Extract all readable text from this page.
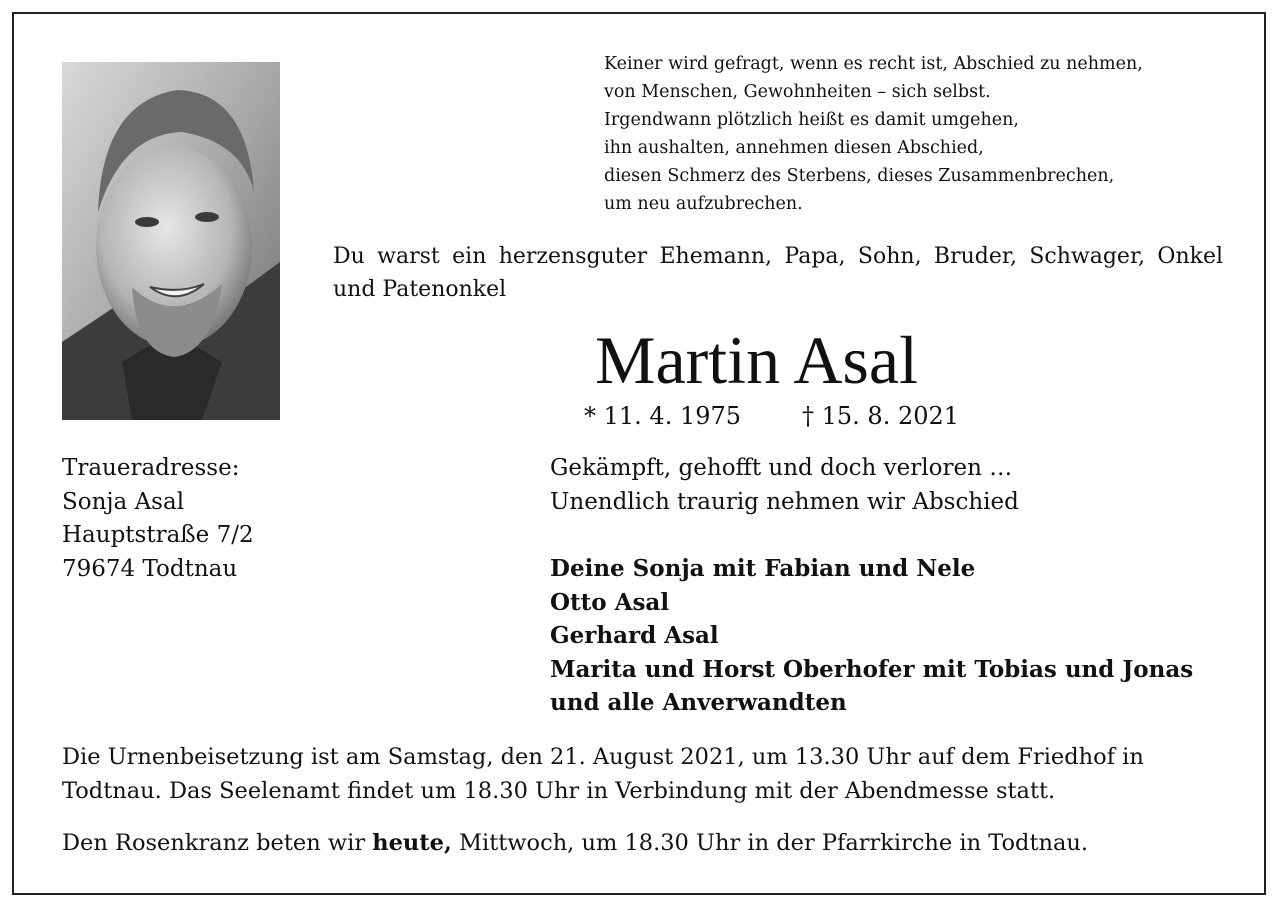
Keiner wird gefragt, wenn es recht ist, Abschied zu nehmen,
von Menschen, Gewohnheiten – sich selbst.
Irgendwann plötzlich heißt es damit umgehen,
ihn aushalten, annehmen diesen Abschied,
diesen Schmerz des Sterbens, dieses Zusammenbrechen,
um neu aufzubrechen.
Du warst ein herzensguter Ehemann, Papa, Sohn, Bruder, Schwager, Onkel und Patenonkel
Martin Asal
* 11. 4. 1975	† 15. 8. 2021
Traueradresse:
Sonja Asal
Hauptstraße 7/2
79674 Todtnau
Gekämpft, gehofft und doch verloren …
Unendlich traurig nehmen wir Abschied
Deine Sonja mit Fabian und Nele
Otto Asal
Gerhard Asal
Marita und Horst Oberhofer mit Tobias und Jonas
und alle Anverwandten
Die Urnenbeisetzung ist am Samstag, den 21. August 2021, um 13.30 Uhr auf dem Friedhof in Todtnau. Das Seelenamt findet um 18.30 Uhr in Verbindung mit der Abendmesse statt.
Den Rosenkranz beten wir heute, Mittwoch, um 18.30 Uhr in der Pfarrkirche in Todtnau.
